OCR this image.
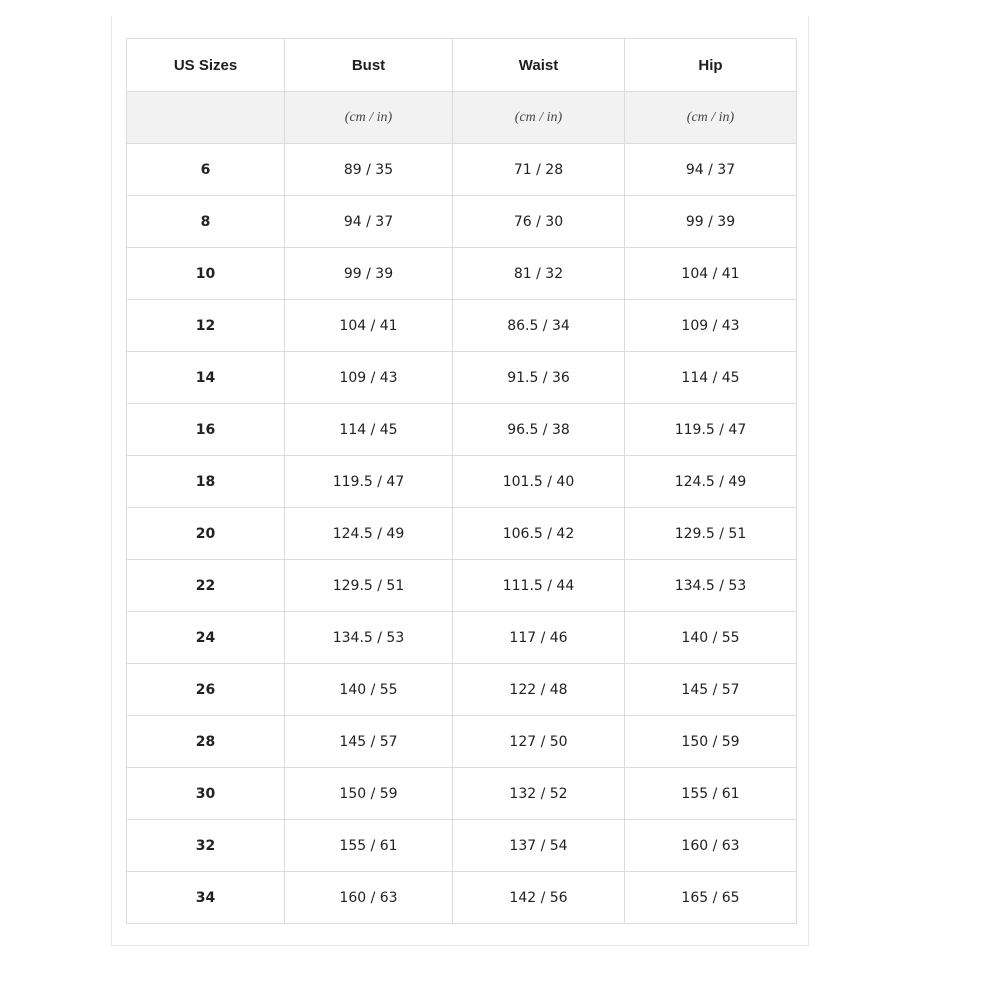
US Sizes	Bust	Waist	Hip
	(cm / in)	(cm / in)	(cm / in)
6	89 / 35	71 / 28	94 / 37
8	94 / 37	76 / 30	99 / 39
10	99 / 39	81 / 32	104 / 41
12	104 / 41	86.5 / 34	109 / 43
14	109 / 43	91.5 / 36	114 / 45
16	114 / 45	96.5 / 38	119.5 / 47
18	119.5 / 47	101.5 / 40	124.5 / 49
20	124.5 / 49	106.5 / 42	129.5 / 51
22	129.5 / 51	111.5 / 44	134.5 / 53
24	134.5 / 53	117 / 46	140 / 55
26	140 / 55	122 / 48	145 / 57
28	145 / 57	127 / 50	150 / 59
30	150 / 59	132 / 52	155 / 61
32	155 / 61	137 / 54	160 / 63
34	160 / 63	142 / 56	165 / 65
